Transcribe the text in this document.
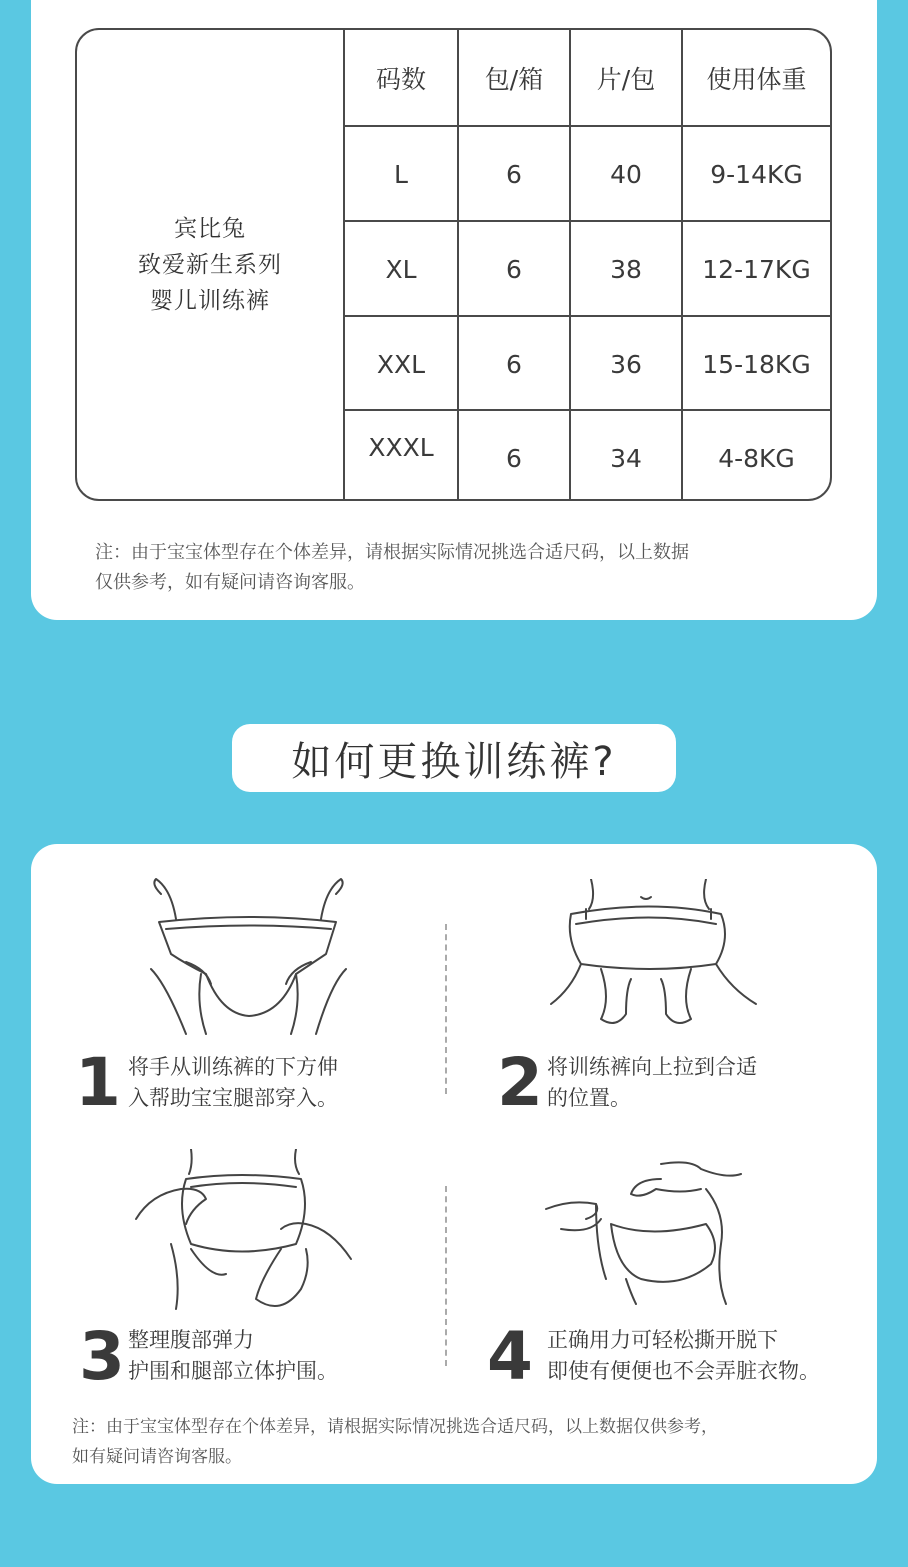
宾比兔
致爱新生系列
婴儿训练裤
码数	包/箱	片/包	使用体重
L	6	40	9-14KG
XL	6	38	12-17KG
XXL	6	36	15-18KG
XXXL	6	34	4-8KG
注：由于宝宝体型存在个体差异，请根据实际情况挑选合适尺码，以上数据
仅供参考，如有疑问请咨询客服。
如何更换训练裤?
1 将手从训练裤的下方伸
入帮助宝宝腿部穿入。 2 将训练裤向上拉到合适
的位置。
3 整理腹部弹力
护围和腿部立体护围。 4 正确用力可轻松撕开脱下
即使有便便也不会弄脏衣物。
注：由于宝宝体型存在个体差异，请根据实际情况挑选合适尺码，以上数据仅供参考，
如有疑问请咨询客服。
